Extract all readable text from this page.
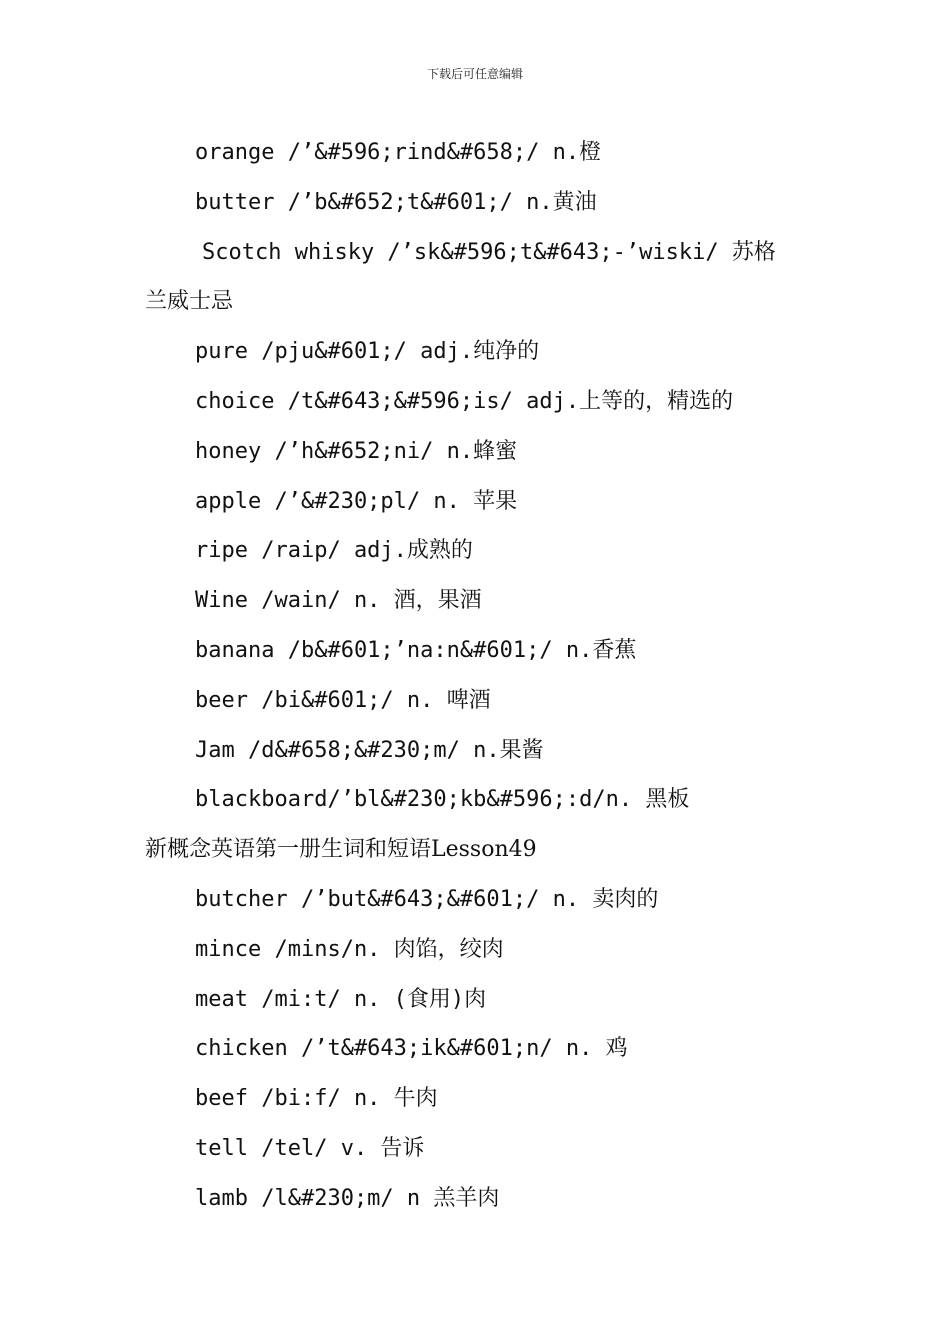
下载后可任意编辑
orange /’&#596;rind&#658;/ n.橙
butter /’b&#652;t&#601;/ n.黄油
Scotch whisky /’sk&#596;t&#643;-’wiski/ 苏格
兰威士忌
pure /pju&#601;/ adj.纯净的
choice /t&#643;&#596;is/ adj.上等的，精选的
honey /’h&#652;ni/ n.蜂蜜
apple /’&#230;pl/ n. 苹果
ripe /raip/ adj.成熟的
Wine /wain/ n. 酒，果酒
banana /b&#601;’na:n&#601;/ n.香蕉
beer /bi&#601;/ n. 啤酒
Jam /d&#658;&#230;m/ n.果酱
blackboard/’bl&#230;kb&#596;:d/n. 黑板
新概念英语第一册生词和短语Lesson49
butcher /’but&#643;&#601;/ n. 卖肉的
mince /mins/n. 肉馅，绞肉
meat /mi:t/ n. (食用)肉
chicken /’t&#643;ik&#601;n/ n. 鸡
beef /bi:f/ n. 牛肉
tell /tel/ v. 告诉
lamb /l&#230;m/ n 羔羊肉
